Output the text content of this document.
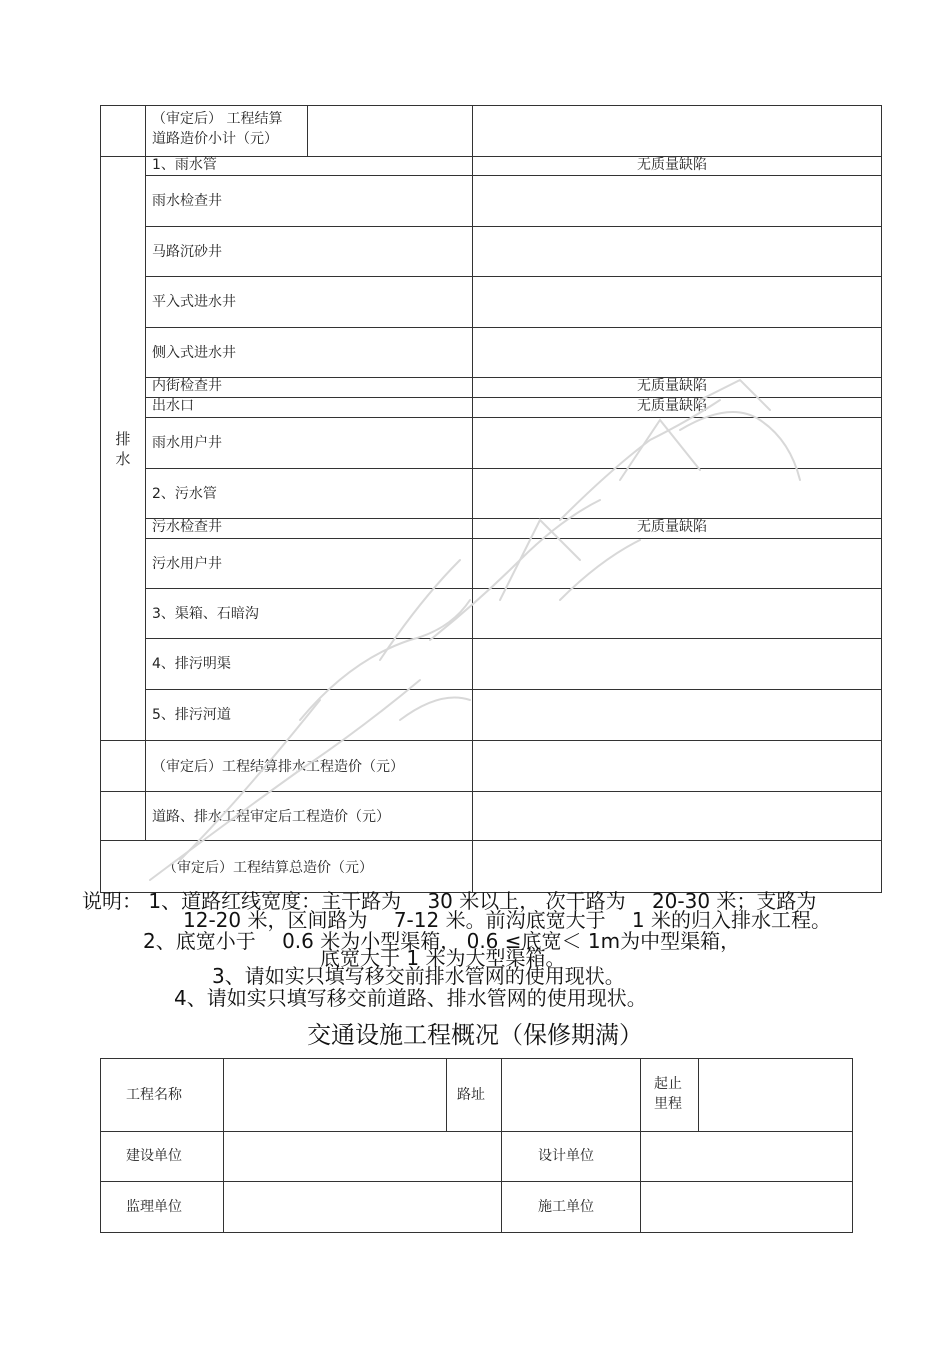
（审定后） 工程结算
道路造价小计（元）
排
水
1、雨水管	无质量缺陷
雨水检查井
马路沉砂井
平入式进水井
侧入式进水井
内街检查井	无质量缺陷
出水口	无质量缺陷
雨水用户井
2、污水管
污水检查井	无质量缺陷
污水用户井
3、渠箱、石暗沟
4、排污明渠
5、排污河道
（审定后）工程结算排水工程造价（元）
道路、排水工程审定后工程造价（元）
（审定后）工程结算总造价（元）
说明： 1、道路红线宽度：主干路为 　30 米以上， 次干路为 　20-30 米；支路为
12-20 米，区间路为 　7-12 米。前沟底宽大于 　1 米的归入排水工程。
2、底宽小于 　0.6 米为小型渠箱， 0.6 ≤底宽＜ 1m为中型渠箱，
底宽大于 1 米为大型渠箱。
3、请如实只填写移交前排水管网的使用现状。
4、请如实只填写移交前道路、排水管网的使用现状。
交通设施工程概况（保修期满）
工程名称	路址
起止
里程
建设单位	设计单位
监理单位	施工单位
